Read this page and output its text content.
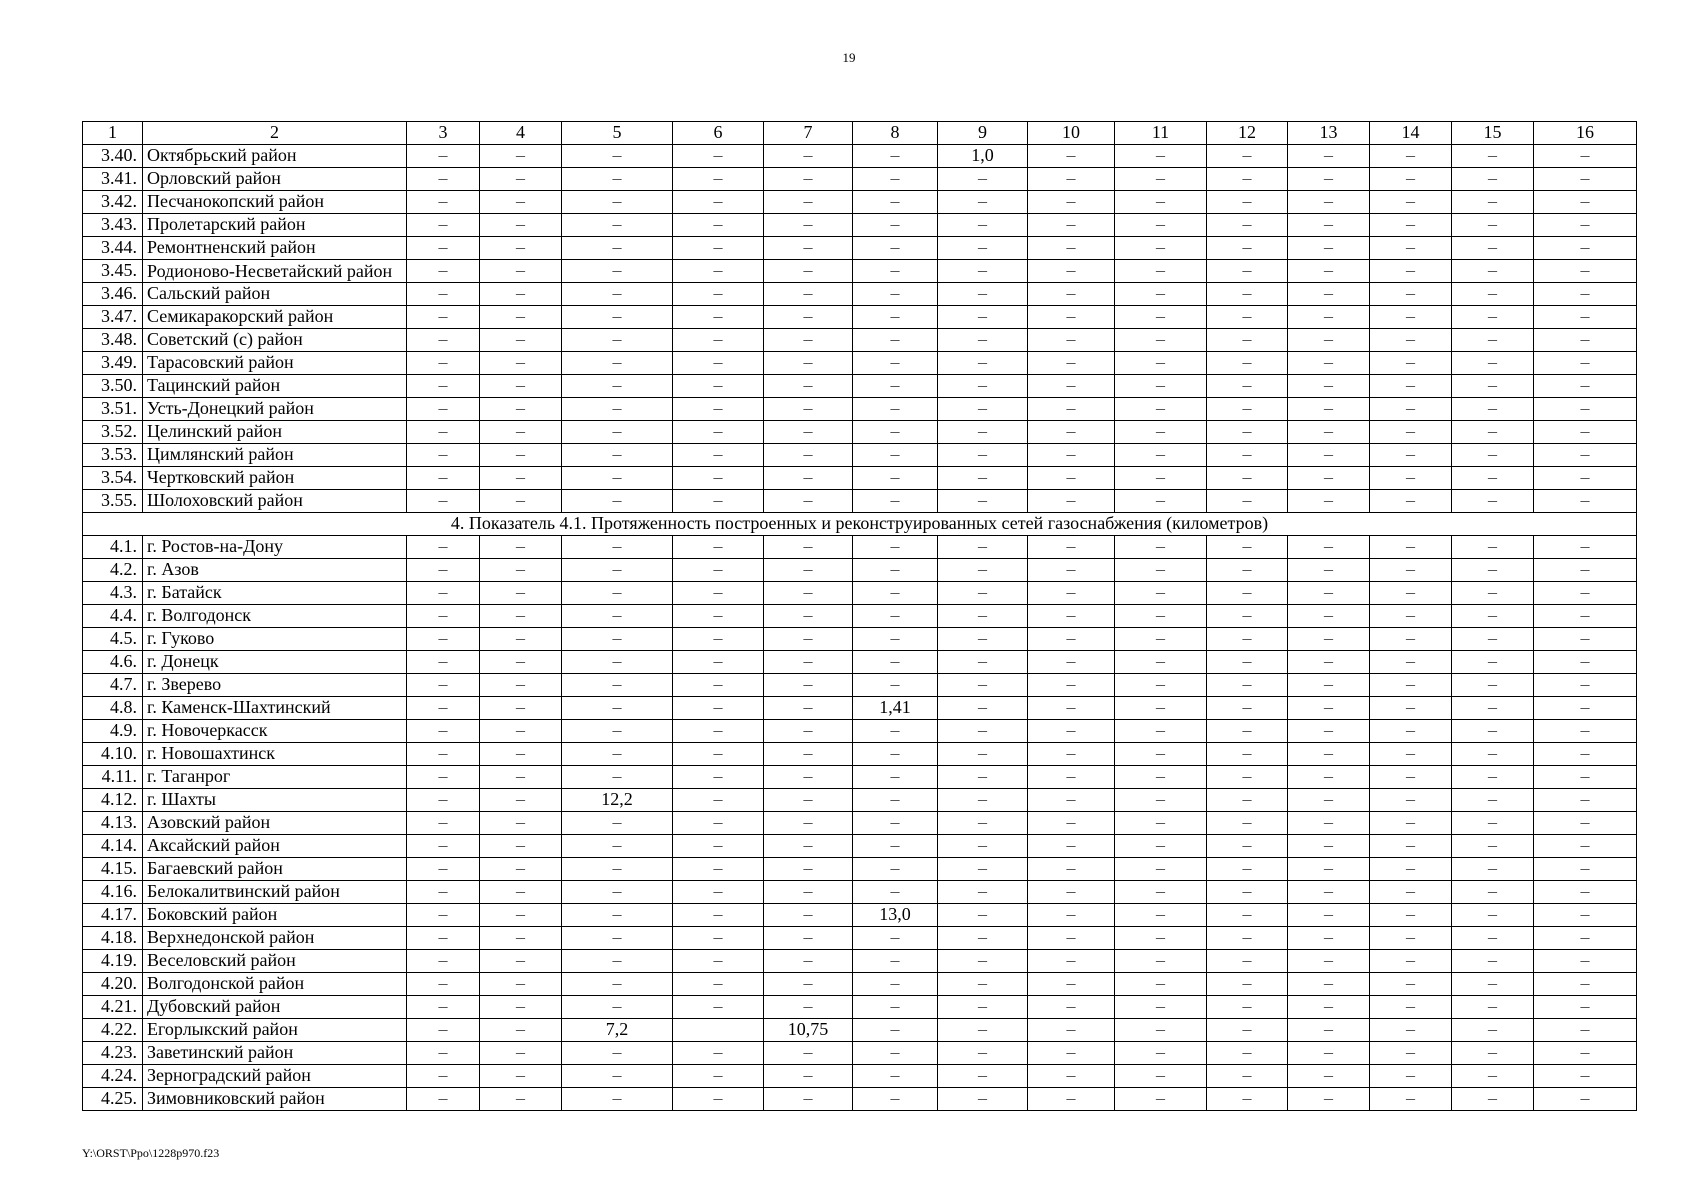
19
1	2	3	4	5	6	7	8	9	10	11	12	13	14	15	16
3.40.	Октябрьский район	–	–	–	–	–	–	1,0	–	–	–	–	–	–	–
3.41.	Орловский район	–	–	–	–	–	–	–	–	–	–	–	–	–	–
3.42.	Песчанокопский район	–	–	–	–	–	–	–	–	–	–	–	–	–	–
3.43.	Пролетарский район	–	–	–	–	–	–	–	–	–	–	–	–	–	–
3.44.	Ремонтненский район	–	–	–	–	–	–	–	–	–	–	–	–	–	–
3.45.	Родионово-Несветайский район	–	–	–	–	–	–	–	–	–	–	–	–	–	–
3.46.	Сальский район	–	–	–	–	–	–	–	–	–	–	–	–	–	–
3.47.	Семикаракорский район	–	–	–	–	–	–	–	–	–	–	–	–	–	–
3.48.	Советский (с) район	–	–	–	–	–	–	–	–	–	–	–	–	–	–
3.49.	Тарасовский район	–	–	–	–	–	–	–	–	–	–	–	–	–	–
3.50.	Тацинский район	–	–	–	–	–	–	–	–	–	–	–	–	–	–
3.51.	Усть-Донецкий район	–	–	–	–	–	–	–	–	–	–	–	–	–	–
3.52.	Целинский район	–	–	–	–	–	–	–	–	–	–	–	–	–	–
3.53.	Цимлянский район	–	–	–	–	–	–	–	–	–	–	–	–	–	–
3.54.	Чертковский район	–	–	–	–	–	–	–	–	–	–	–	–	–	–
3.55.	Шолоховский район	–	–	–	–	–	–	–	–	–	–	–	–	–	–
4. Показатель 4.1. Протяженность построенных и реконструированных сетей газоснабжения (километров)															
4.1.	г. Ростов-на-Дону	–	–	–	–	–	–	–	–	–	–	–	–	–	–
4.2.	г. Азов	–	–	–	–	–	–	–	–	–	–	–	–	–	–
4.3.	г. Батайск	–	–	–	–	–	–	–	–	–	–	–	–	–	–
4.4.	г. Волгодонск	–	–	–	–	–	–	–	–	–	–	–	–	–	–
4.5.	г. Гуково	–	–	–	–	–	–	–	–	–	–	–	–	–	–
4.6.	г. Донецк	–	–	–	–	–	–	–	–	–	–	–	–	–	–
4.7.	г. Зверево	–	–	–	–	–	–	–	–	–	–	–	–	–	–
4.8.	г. Каменск-Шахтинский	–	–	–	–	–	1,41	–	–	–	–	–	–	–	–
4.9.	г. Новочеркасск	–	–	–	–	–	–	–	–	–	–	–	–	–	–
4.10.	г. Новошахтинск	–	–	–	–	–	–	–	–	–	–	–	–	–	–
4.11.	г. Таганрог	–	–	–	–	–	–	–	–	–	–	–	–	–	–
4.12.	г. Шахты	–	–	12,2	–	–	–	–	–	–	–	–	–	–	–
4.13.	Азовский район	–	–	–	–	–	–	–	–	–	–	–	–	–	–
4.14.	Аксайский район	–	–	–	–	–	–	–	–	–	–	–	–	–	–
4.15.	Багаевский район	–	–	–	–	–	–	–	–	–	–	–	–	–	–
4.16.	Белокалитвинский район	–	–	–	–	–	–	–	–	–	–	–	–	–	–
4.17.	Боковский район	–	–	–	–	–	13,0	–	–	–	–	–	–	–	–
4.18.	Верхнедонской район	–	–	–	–	–	–	–	–	–	–	–	–	–	–
4.19.	Веселовский район	–	–	–	–	–	–	–	–	–	–	–	–	–	–
4.20.	Волгодонской район	–	–	–	–	–	–	–	–	–	–	–	–	–	–
4.21.	Дубовский район	–	–	–	–	–	–	–	–	–	–	–	–	–	–
4.22.	Егорлыкский район	–	–	7,2		10,75	–	–	–	–	–	–	–	–	–
4.23.	Заветинский район	–	–	–	–	–	–	–	–	–	–	–	–	–	–
4.24.	Зерноградский район	–	–	–	–	–	–	–	–	–	–	–	–	–	–
4.25.	Зимовниковский район	–	–	–	–	–	–	–	–	–	–	–	–	–	–
Y:\ORST\Ppo\1228p970.f23
